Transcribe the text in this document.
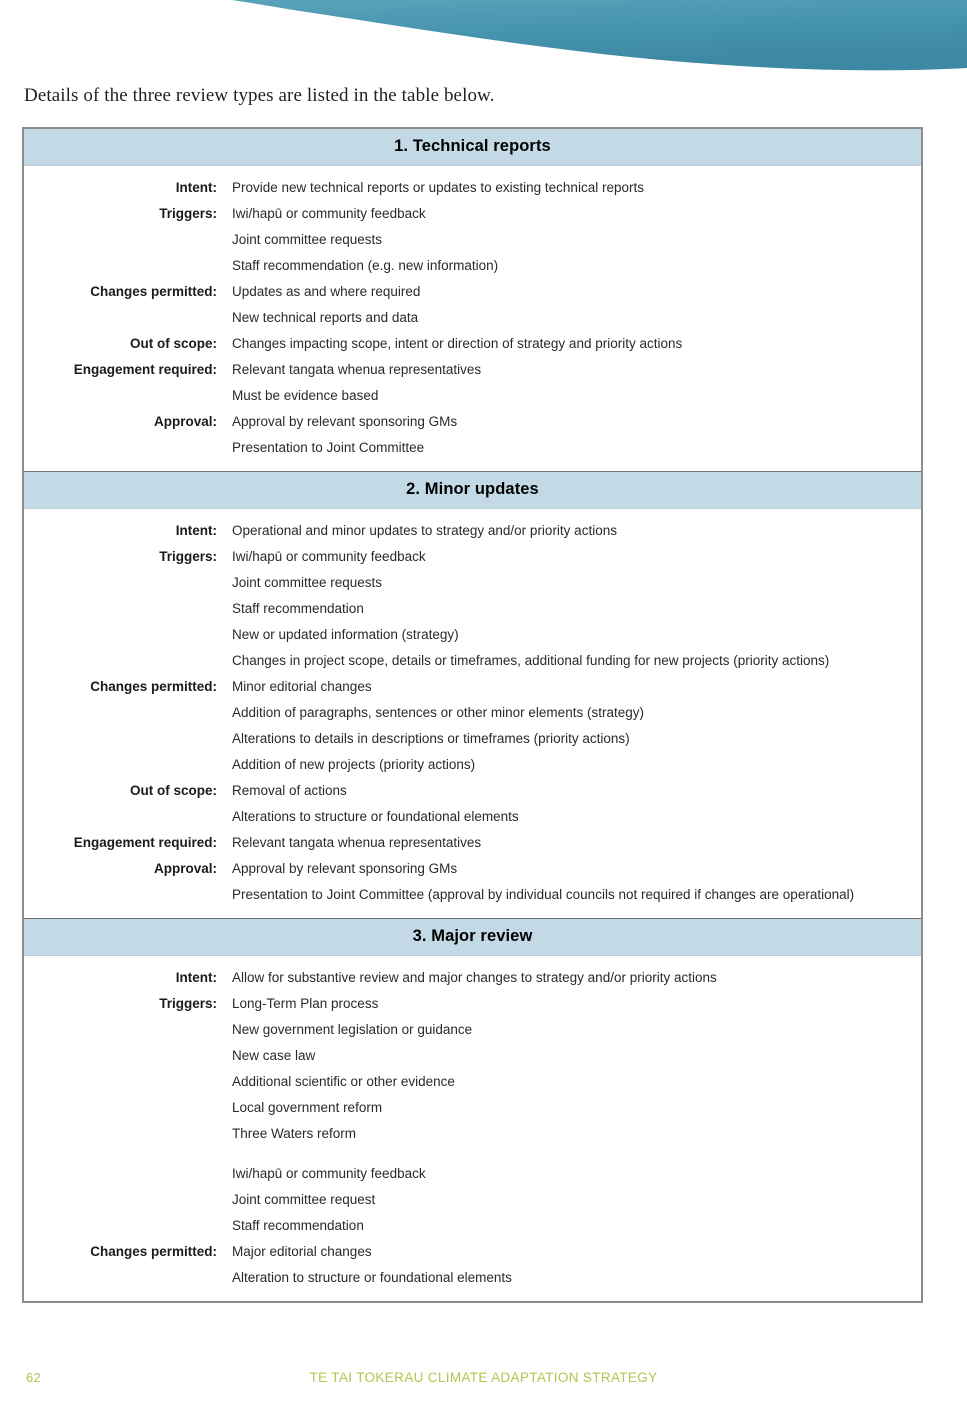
Details of the three review types are listed in the table below.
1. Technical reports
Intent:	Provide new technical reports or updates to existing technical reports
Triggers:	Iwi/hapū or community feedback
Joint committee requests
Staff recommendation (e.g. new information)
Changes permitted:	Updates as and where required
New technical reports and data
Out of scope:	Changes impacting scope, intent or direction of strategy and priority actions
Engagement required:	Relevant tangata whenua representatives
Must be evidence based
Approval:	Approval by relevant sponsoring GMs
Presentation to Joint Committee
2. Minor updates
Intent:	Operational and minor updates to strategy and/or priority actions
Triggers:	Iwi/hapū or community feedback
Joint committee requests
Staff recommendation
New or updated information (strategy)
Changes in project scope, details or timeframes, additional funding for new projects (priority actions)
Changes permitted:	Minor editorial changes
Addition of paragraphs, sentences or other minor elements (strategy)
Alterations to details in descriptions or timeframes (priority actions)
Addition of new projects (priority actions)
Out of scope:	Removal of actions
Alterations to structure or foundational elements
Engagement required:	Relevant tangata whenua representatives
Approval:	Approval by relevant sponsoring GMs
Presentation to Joint Committee (approval by individual councils not required if changes are operational)
3. Major review
Intent:	Allow for substantive review and major changes to strategy and/or priority actions
Triggers:	Long-Term Plan process
New government legislation or guidance
New case law
Additional scientific or other evidence
Local government reform
Three Waters reform
Iwi/hapū or community feedback
Joint committee request
Staff recommendation
Changes permitted:	Major editorial changes
Alteration to structure or foundational elements
62	TE TAI TOKERAU CLIMATE ADAPTATION STRATEGY
